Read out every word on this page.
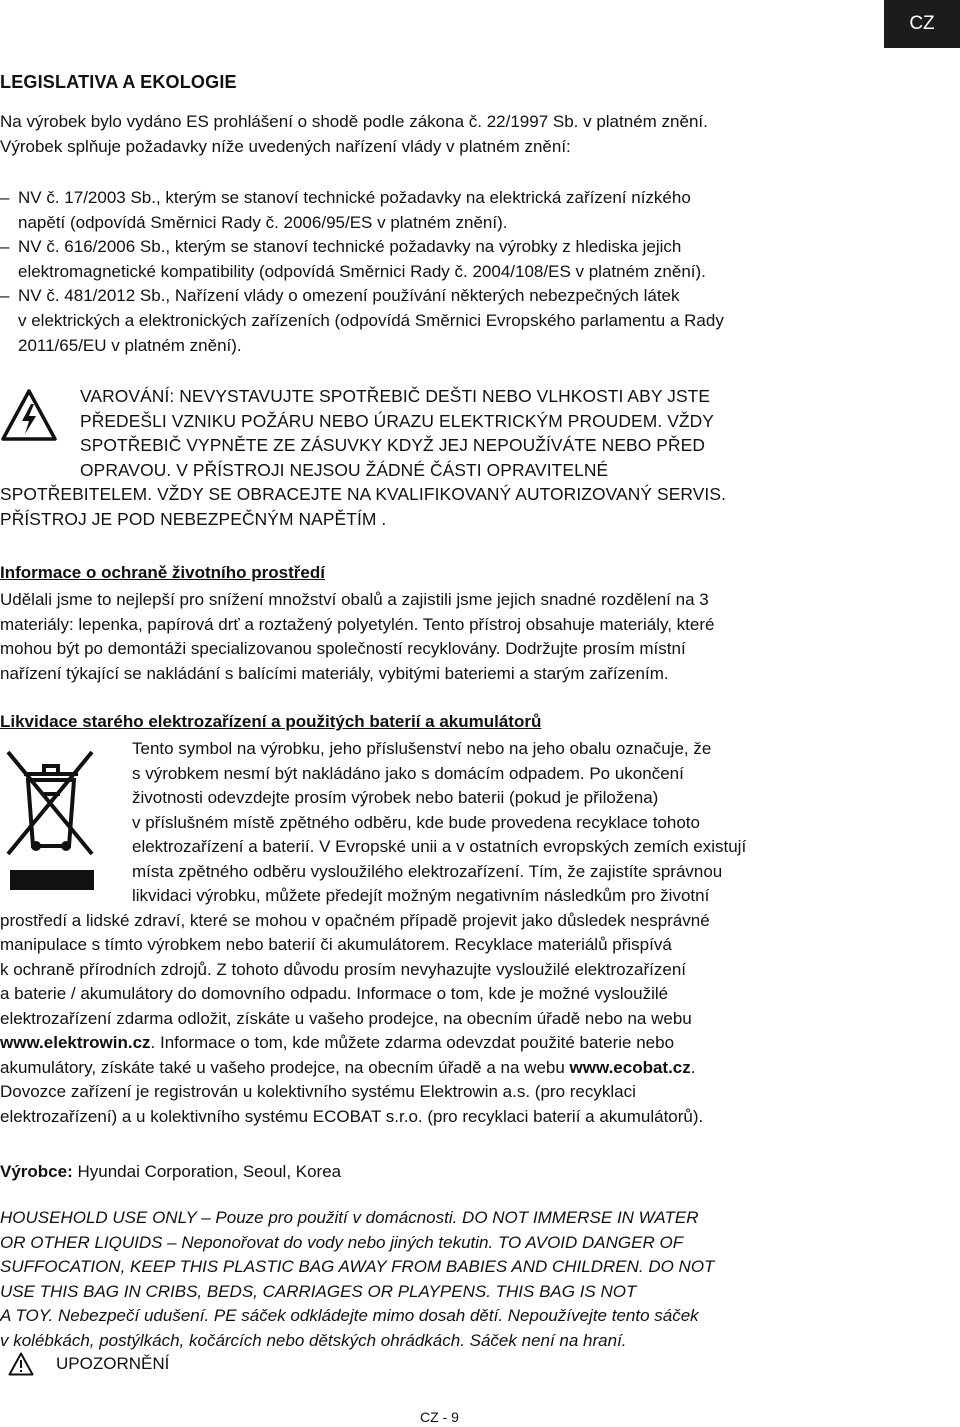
CZ
LEGISLATIVA A EKOLOGIE

Na výrobek bylo vydáno ES prohlášení o shodě podle zákona č. 22/1997 Sb. v platném znění.

Výrobek splňuje požadavky níže uvedených nařízení vlády v platném znění:

– NV č. 17/2003 Sb., kterým se stanoví technické požadavky na elektrická zařízení nízkého
napětí (odpovídá Směrnici Rady č. 2006/95/ES v platném znění).
– NV č. 616/2006 Sb., kterým se stanoví technické požadavky na výrobky z hlediska jejich
elektromagnetické kompatibility (odpovídá Směrnici Rady č. 2004/108/ES v platném znění).
– NV č. 481/2012 Sb., Nařízení vlády o omezení používání některých nebezpečných látek
v elektrických a elektronických zařízeních (odpovídá Směrnici Evropského parlamentu a Rady
2011/65/EU v platném znění).
VAROVÁNÍ: NEVYSTAVUJTE SPOTŘEBIČ DEŠTI NEBO VLHKOSTI ABY JSTE
PŘEDEŠLI VZNIKU POŽÁRU NEBO ÚRAZU ELEKTRICKÝM PROUDEM. VŽDY
SPOTŘEBIČ VYPNĚTE ZE ZÁSUVKY KDYŽ JEJ NEPOUŽÍVÁTE NEBO PŘED
OPRAVOU. V PŘÍSTROJI NEJSOU ŽÁDNÉ ČÁSTI OPRAVITELNÉ
SPOTŘEBITELEM. VŽDY SE OBRACEJTE NA KVALIFIKOVANÝ AUTORIZOVANÝ SERVIS.
PŘÍSTROJ JE POD NEBEZPEČNÝM NAPĚTÍM .
Informace o ochraně životního prostředí
Udělali jsme to nejlepší pro snížení množství obalů a zajistili jsme jejich snadné rozdělení na 3
materiály: lepenka, papírová drť a roztažený polyetylén. Tento přístroj obsahuje materiály, které
mohou být po demontáži specializovanou společností recyklovány. Dodržujte prosím místní
nařízení týkající se nakládání s balícími materiály, vybitými bateriemi a starým zařízením.
Likvidace starého elektrozařízení a použitých baterií a akumulátorů
Tento symbol na výrobku, jeho příslušenství nebo na jeho obalu označuje, že
s výrobkem nesmí být nakládáno jako s domácím odpadem. Po ukončení
životnosti odevzdejte prosím výrobek nebo baterii (pokud je přiložena)
v příslušném místě zpětného odběru, kde bude provedena recyklace tohoto
elektrozařízení a baterií. V Evropské unii a v ostatních evropských zemích existují
místa zpětného odběru vysloužilého elektrozařízení. Tím, že zajistíte správnou
likvidaci výrobku, můžete předejít možným negativním následkům pro životní
prostředí a lidské zdraví, které se mohou v opačném případě projevit jako důsledek nesprávné
manipulace s tímto výrobkem nebo baterií či akumulátorem. Recyklace materiálů přispívá
k ochraně přírodních zdrojů. Z tohoto důvodu prosím nevyhazujte vysloužilé elektrozařízení
a baterie / akumulátory do domovního odpadu. Informace o tom, kde je možné vysloužilé
elektrozařízení zdarma odložit, získáte u vašeho prodejce, na obecním úřadě nebo na webu
www.elektrowin.cz. Informace o tom, kde můžete zdarma odevzdat použité baterie nebo
akumulátory, získáte také u vašeho prodejce, na obecním úřadě a na webu www.ecobat.cz.
Dovozce zařízení je registrován u kolektivního systému Elektrowin a.s. (pro recyklaci
elektrozařízení) a u kolektivního systému ECOBAT s.r.o. (pro recyklaci baterií a akumulátorů).
Výrobce: Hyundai Corporation, Seoul, Korea
HOUSEHOLD USE ONLY – Pouze pro použití v domácnosti. DO NOT IMMERSE IN WATER
OR OTHER LIQUIDS – Neponořovat do vody nebo jiných tekutin. TO AVOID DANGER OF
SUFFOCATION, KEEP THIS PLASTIC BAG AWAY FROM BABIES AND CHILDREN. DO NOT
USE THIS BAG IN CRIBS, BEDS, CARRIAGES OR PLAYPENS. THIS BAG IS NOT
A TOY. Nebezpečí udušení. PE sáček odkládejte mimo dosah dětí. Nepoužívejte tento sáček
v kolébkách, postýlkách, kočárcích nebo dětských ohrádkách. Sáček není na hraní.
UPOZORNĚNÍ
CZ - 9
